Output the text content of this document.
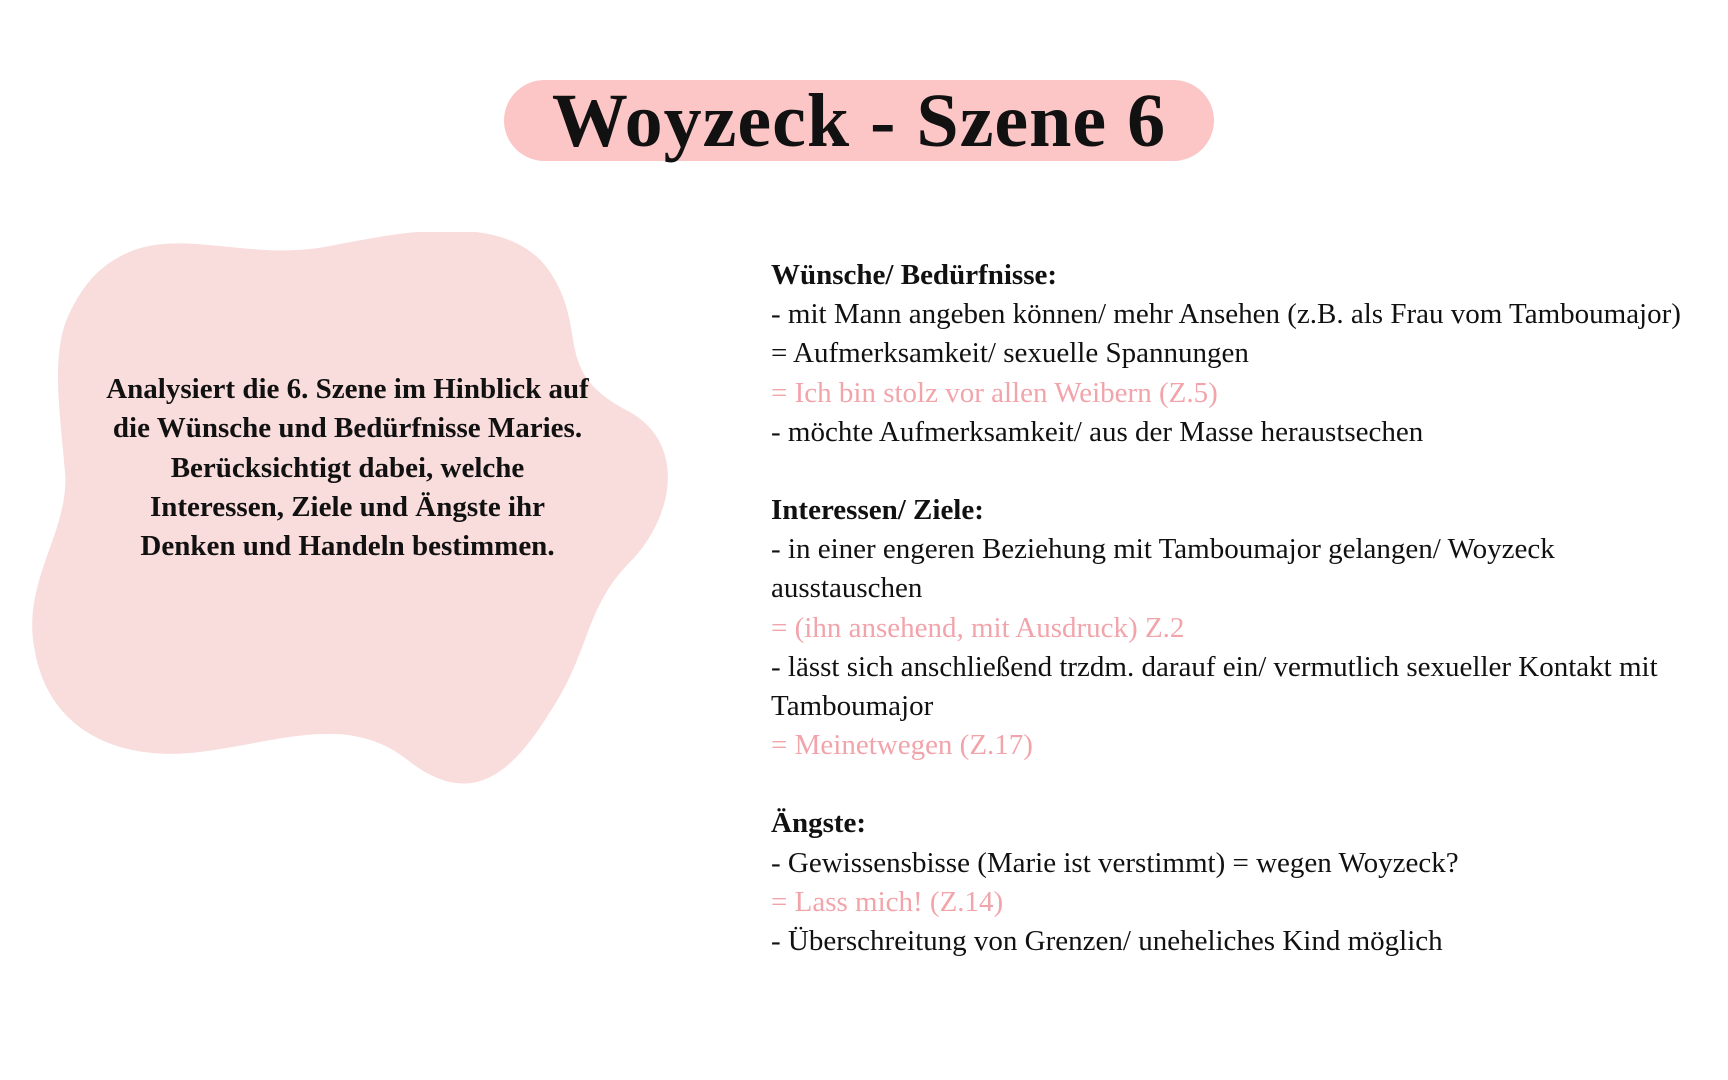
Woyzeck - Szene 6
Analysiert die 6. Szene im Hinblick auf die Wünsche und Bedürfnisse Maries. Berücksichtigt dabei, welche Interessen, Ziele und Ängste ihr Denken und Handeln bestimmen.
Wünsche/ Bedürfnisse:

- mit Mann angeben können/ mehr Ansehen (z.B. als Frau vom Tamboumajor) = Aufmerksamkeit/ sexuelle Spannungen

= Ich bin stolz vor allen Weibern (Z.5)

- möchte Aufmerksamkeit/ aus der Masse heraustsechen

Interessen/ Ziele:

- in einer engeren Beziehung mit Tamboumajor gelangen/ Woyzeck ausstauschen

= (ihn ansehend, mit Ausdruck) Z.2

- lässt sich anschließend trzdm. darauf ein/ vermutlich sexueller Kontakt mit Tamboumajor

= Meinetwegen (Z.17)

Ängste:

- Gewissensbisse (Marie ist verstimmt) = wegen Woyzeck?

= Lass mich! (Z.14)

- Überschreitung von Grenzen/ uneheliches Kind möglich
